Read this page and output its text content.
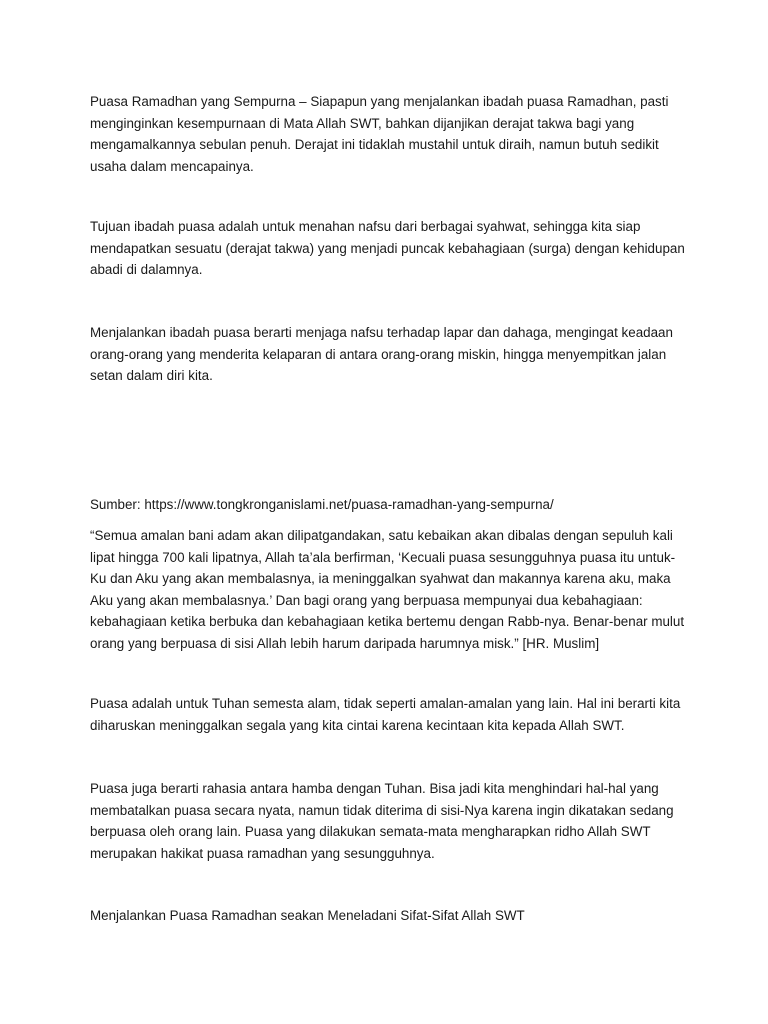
Puasa Ramadhan yang Sempurna – Siapapun yang menjalankan ibadah puasa Ramadhan, pasti menginginkan kesempurnaan di Mata Allah SWT, bahkan dijanjikan derajat takwa bagi yang mengamalkannya sebulan penuh. Derajat ini tidaklah mustahil untuk diraih, namun butuh sedikit usaha dalam mencapainya.

Tujuan ibadah puasa adalah untuk menahan nafsu dari berbagai syahwat, sehingga kita siap mendapatkan sesuatu (derajat takwa) yang menjadi puncak kebahagiaan (surga) dengan kehidupan abadi di dalamnya.

Menjalankan ibadah puasa berarti menjaga nafsu terhadap lapar dan dahaga, mengingat keadaan orang-orang yang menderita kelaparan di antara orang-orang miskin, hingga menyempitkan jalan setan dalam diri kita.

Sumber: https://www.tongkronganislami.net/puasa-ramadhan-yang-sempurna/

“Semua amalan bani adam akan dilipatgandakan, satu kebaikan akan dibalas dengan sepuluh kali lipat hingga 700 kali lipatnya, Allah ta’ala berfirman, ‘Kecuali puasa sesungguhnya puasa itu untuk-Ku dan Aku yang akan membalasnya, ia meninggalkan syahwat dan makannya karena aku, maka Aku yang akan membalasnya.’ Dan bagi orang yang berpuasa mempunyai dua kebahagiaan: kebahagiaan ketika berbuka dan kebahagiaan ketika bertemu dengan Rabb-nya. Benar-benar mulut orang yang berpuasa di sisi Allah lebih harum daripada harumnya misk.” [HR. Muslim]

Puasa adalah untuk Tuhan semesta alam, tidak seperti amalan-amalan yang lain. Hal ini berarti kita diharuskan meninggalkan segala yang kita cintai karena kecintaan kita kepada Allah SWT.

Puasa juga berarti rahasia antara hamba dengan Tuhan. Bisa jadi kita menghindari hal-hal yang membatalkan puasa secara nyata, namun tidak diterima di sisi-Nya karena ingin dikatakan sedang berpuasa oleh orang lain. Puasa yang dilakukan semata-mata mengharapkan ridho Allah SWT merupakan hakikat puasa ramadhan yang sesungguhnya.

Menjalankan Puasa Ramadhan seakan Meneladani Sifat-Sifat Allah SWT
